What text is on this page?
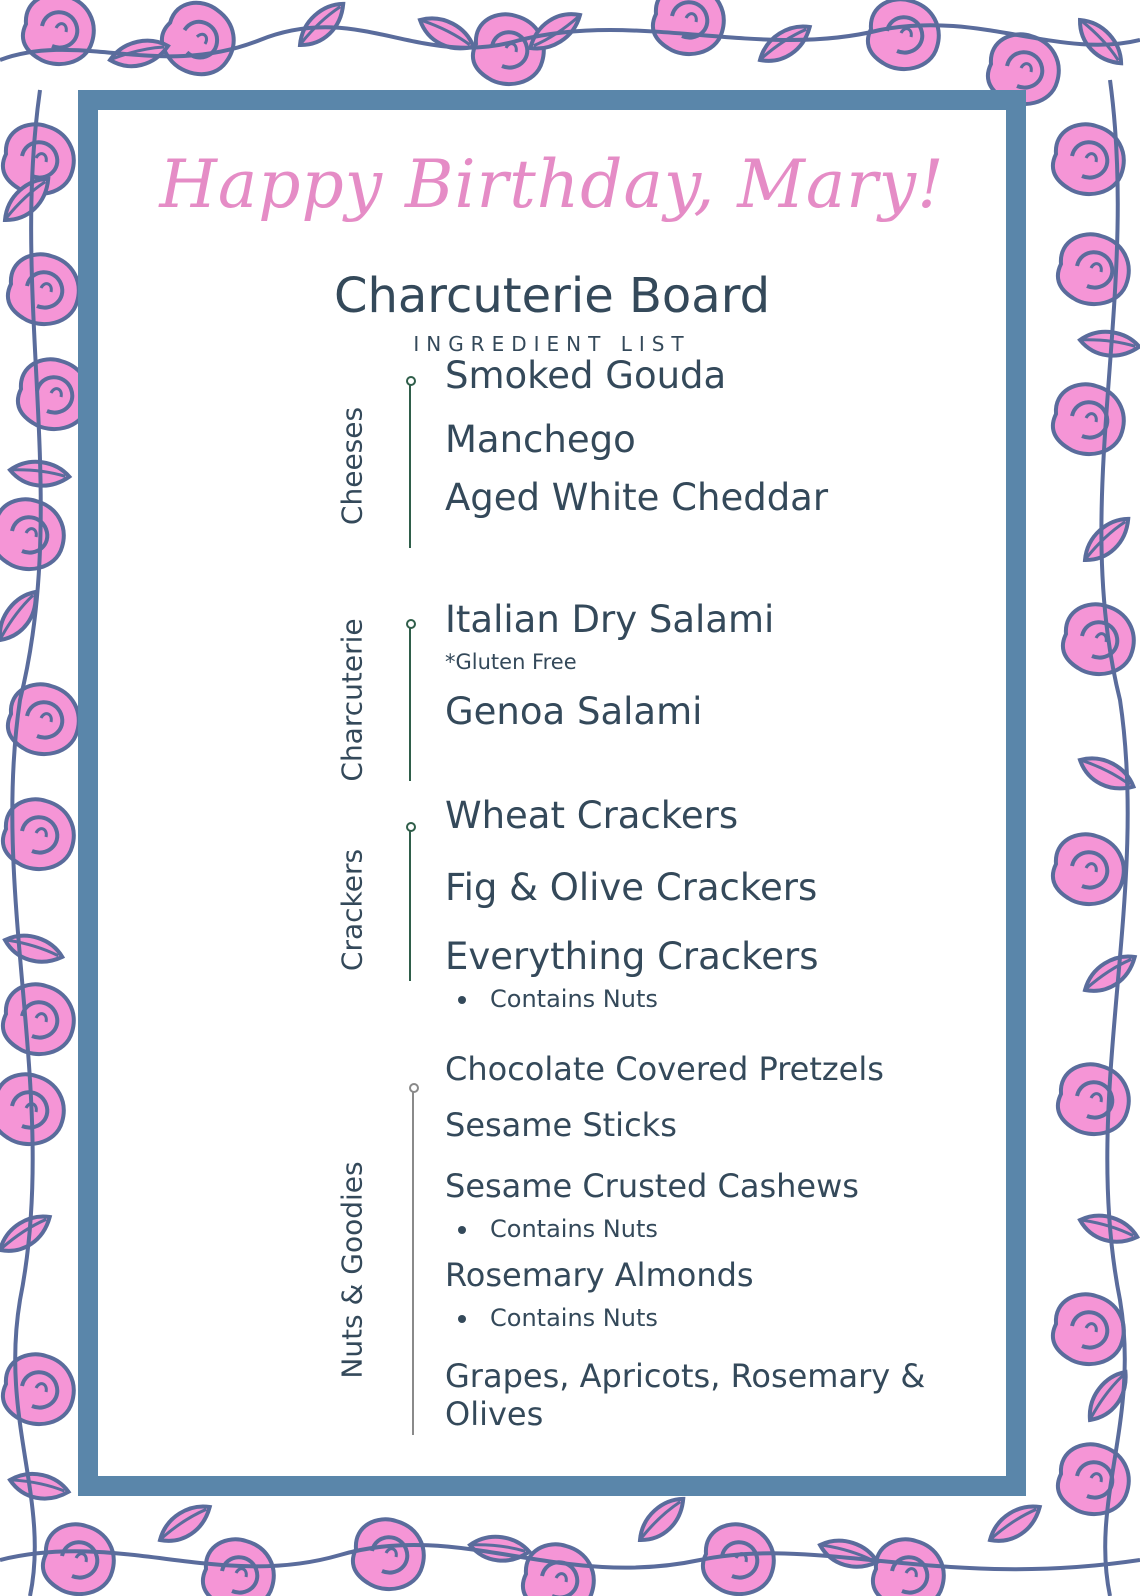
Happy Birthday, Mary!
Charcuterie Board
INGREDIENT LIST
Cheeses
Smoked Gouda
Manchego
Aged White Cheddar
Charcuterie Italian Dry Salami
*Gluten Free
Genoa Salami
Crackers
Wheat Crackers
Fig & Olive Crackers
Everything Crackers
Contains Nuts
Nuts & Goodies
Chocolate Covered Pretzels
Sesame Sticks
Sesame Crusted Cashews
Contains Nuts
Rosemary Almonds
Contains Nuts
Grapes, Apricots, Rosemary & Olives
